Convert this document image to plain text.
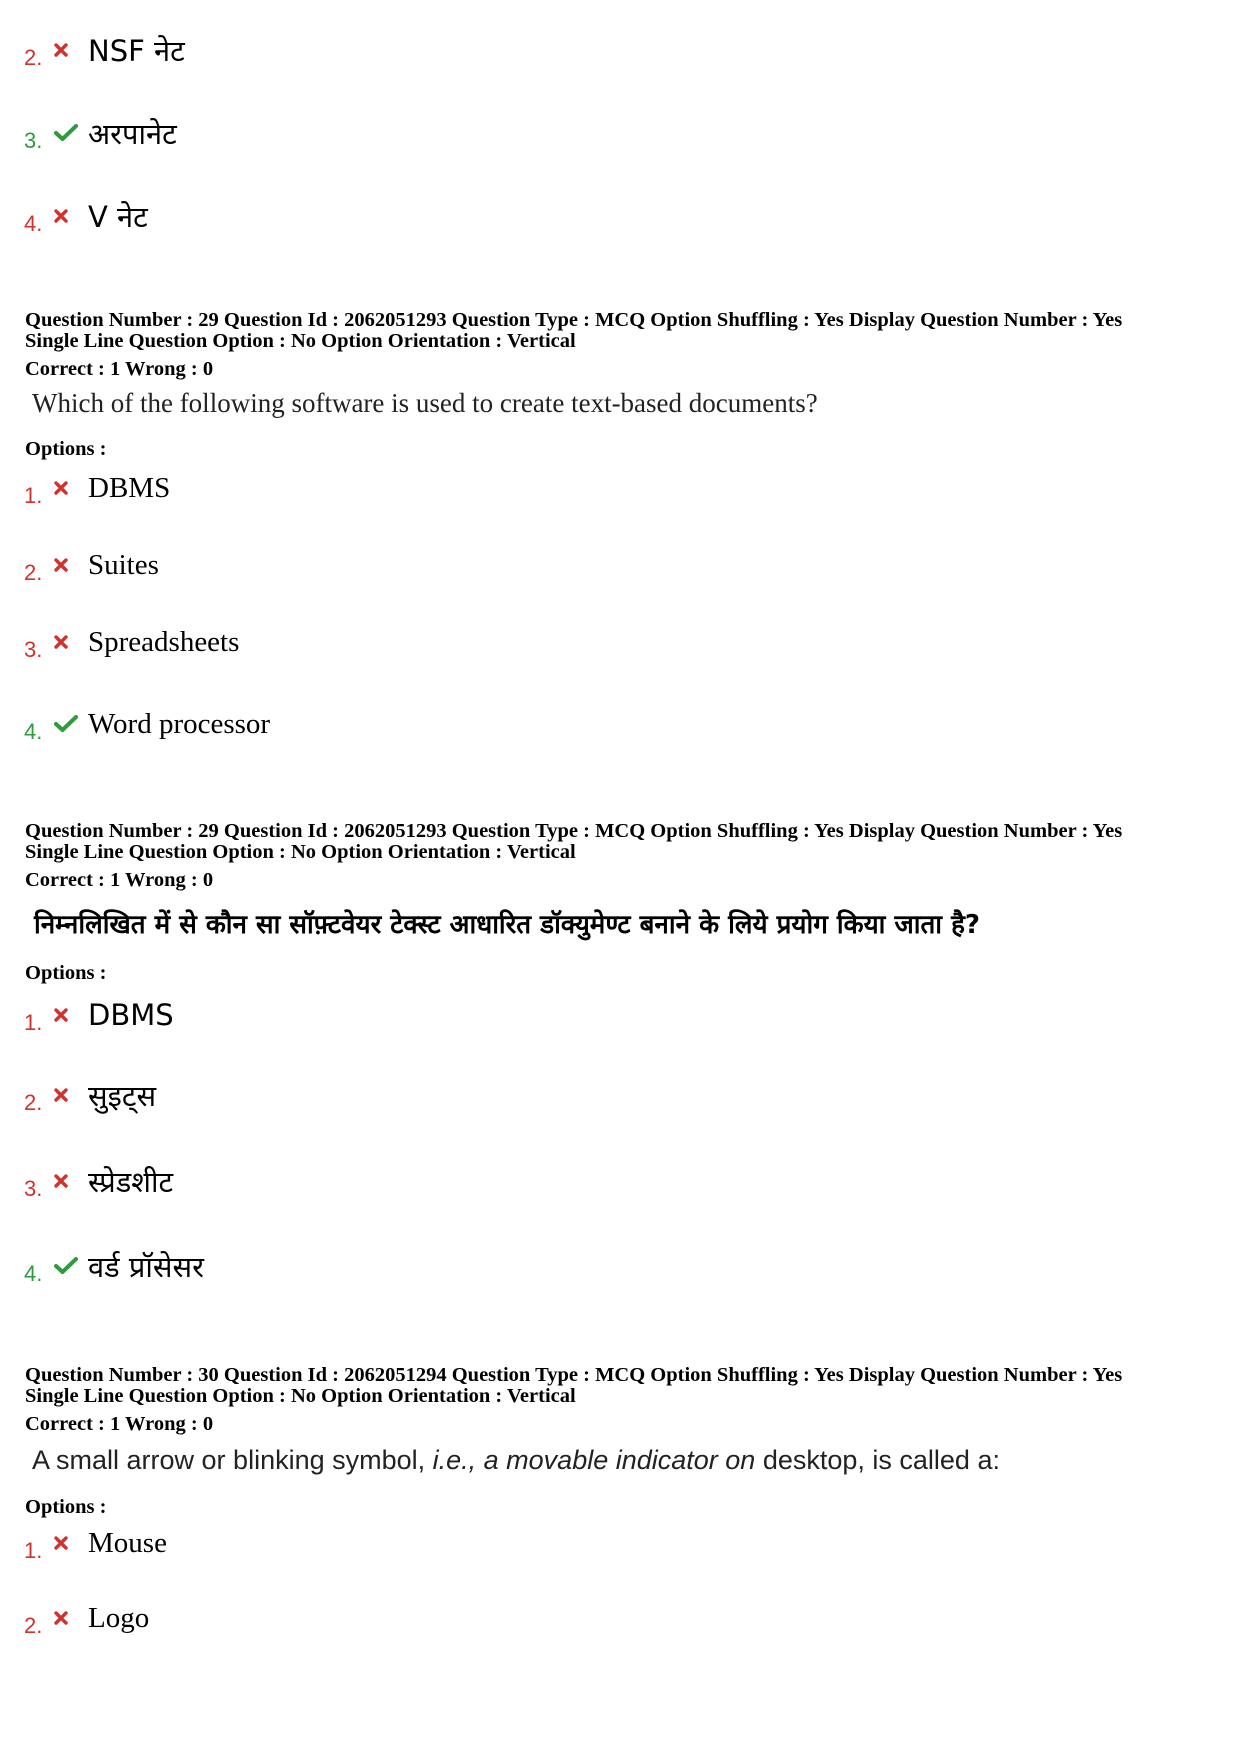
2. NSF नेट
3. अरपानेट
4. V नेट
Question Number : 29 Question Id : 2062051293 Question Type : MCQ Option Shuffling : Yes Display Question Number : Yes
Single Line Question Option : No Option Orientation : Vertical
Correct : 1 Wrong : 0
Which of the following software is used to create text-based documents?
Options :
1. DBMS
2. Suites
3. Spreadsheets
4. Word processor
Question Number : 29 Question Id : 2062051293 Question Type : MCQ Option Shuffling : Yes Display Question Number : Yes
Single Line Question Option : No Option Orientation : Vertical
Correct : 1 Wrong : 0
निम्नलिखित में से कौन सा सॉफ़्टवेयर टेक्स्ट आधारित डॉक्युमेण्ट बनाने के लिये प्रयोग किया जाता है?
Options :
1. DBMS
2. सुइट्स
3. स्प्रेडशीट
4. वर्ड प्रॉसेसर
Question Number : 30 Question Id : 2062051294 Question Type : MCQ Option Shuffling : Yes Display Question Number : Yes
Single Line Question Option : No Option Orientation : Vertical
Correct : 1 Wrong : 0
A small arrow or blinking symbol, i.e., a movable indicator on desktop, is called a:
Options :
1. Mouse
2. Logo
